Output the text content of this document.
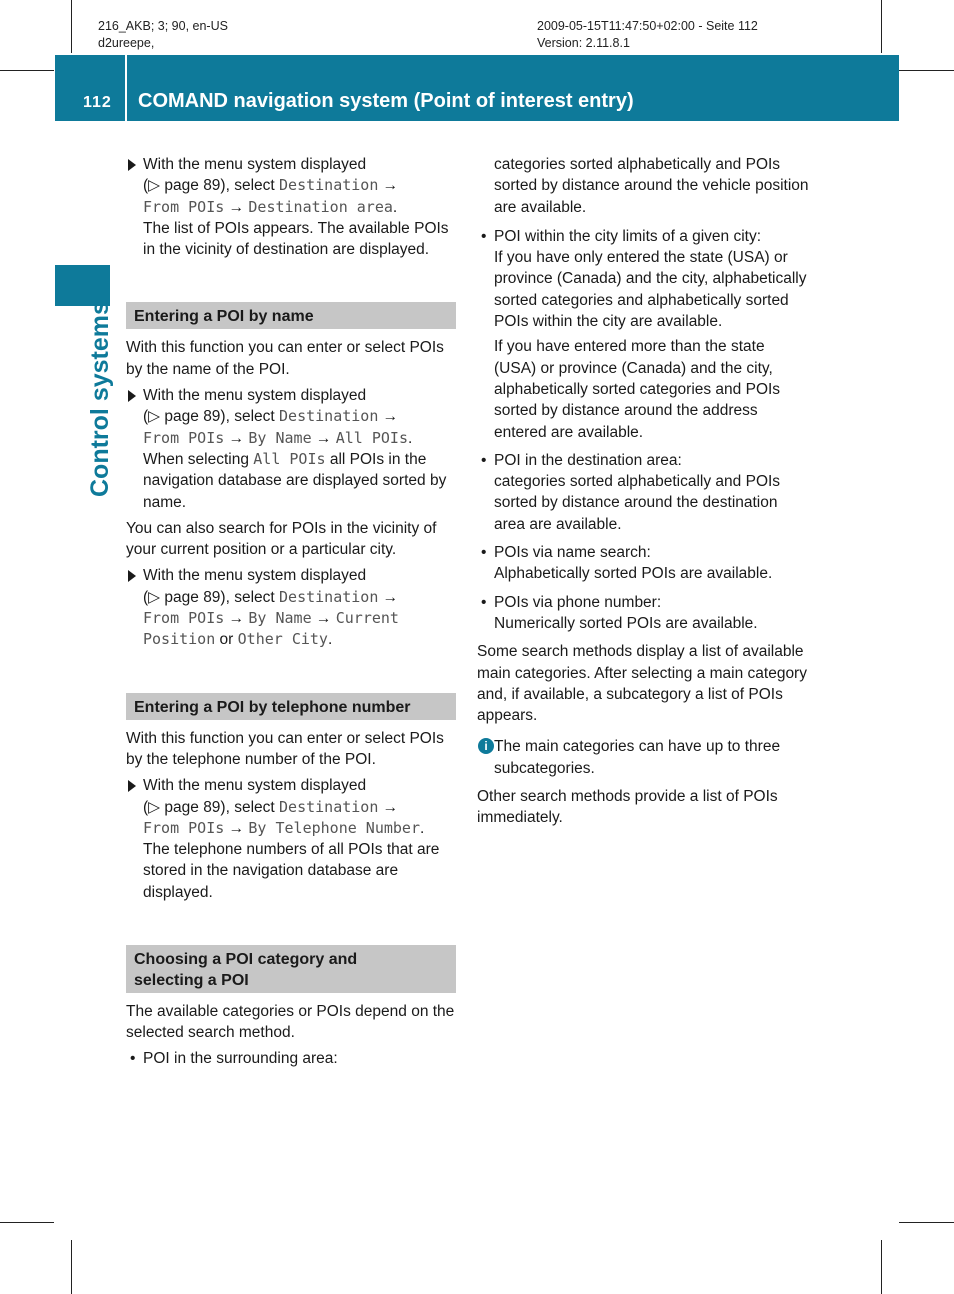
216_AKB; 3; 90, en-US
d2ureepe,
2009-05-15T11:47:50+02:00 - Seite 112
Version: 2.11.8.1
112 COMAND navigation system (Point of interest entry)
Control systems

With the menu system displayed
(▷ page 89), select Destination →
From POIs → Destination area.

The list of POIs appears. The available POIs in the vicinity of destination are displayed.

Entering a POI by name

With this function you can enter or select POIs by the name of the POI.

With the menu system displayed
(▷ page 89), select Destination →
From POIs → By Name → All POIs.

When selecting All POIs all POIs in the navigation database are displayed sorted by name.

You can also search for POIs in the vicinity of your current position or a particular city.

With the menu system displayed
(▷ page 89), select Destination →
From POIs → By Name → Current
Position or Other City.

Entering a POI by telephone number

With this function you can enter or select POIs by the telephone number of the POI.

With the menu system displayed
(▷ page 89), select Destination →
From POIs → By Telephone Number.

The telephone numbers of all POIs that are stored in the navigation database are displayed.

Choosing a POI category and
selecting a POI

The available categories or POIs depend on the selected search method.

• POI in the surrounding area:

categories sorted alphabetically and POIs sorted by distance around the vehicle position are available.

• POI within the city limits of a given city:

If you have only entered the state (USA) or province (Canada) and the city, alphabetically sorted categories and alphabetically sorted POIs within the city are available.

If you have entered more than the state (USA) or province (Canada) and the city, alphabetically sorted categories and POIs sorted by distance around the address entered are available.

• POI in the destination area:

categories sorted alphabetically and POIs sorted by distance around the destination area are available.

• POIs via name search:

Alphabetically sorted POIs are available.

• POIs via phone number:

Numerically sorted POIs are available.

Some search methods display a list of available main categories. After selecting a main category and, if available, a subcategory a list of POIs appears.

i The main categories can have up to three subcategories.

Other search methods provide a list of POIs immediately.
